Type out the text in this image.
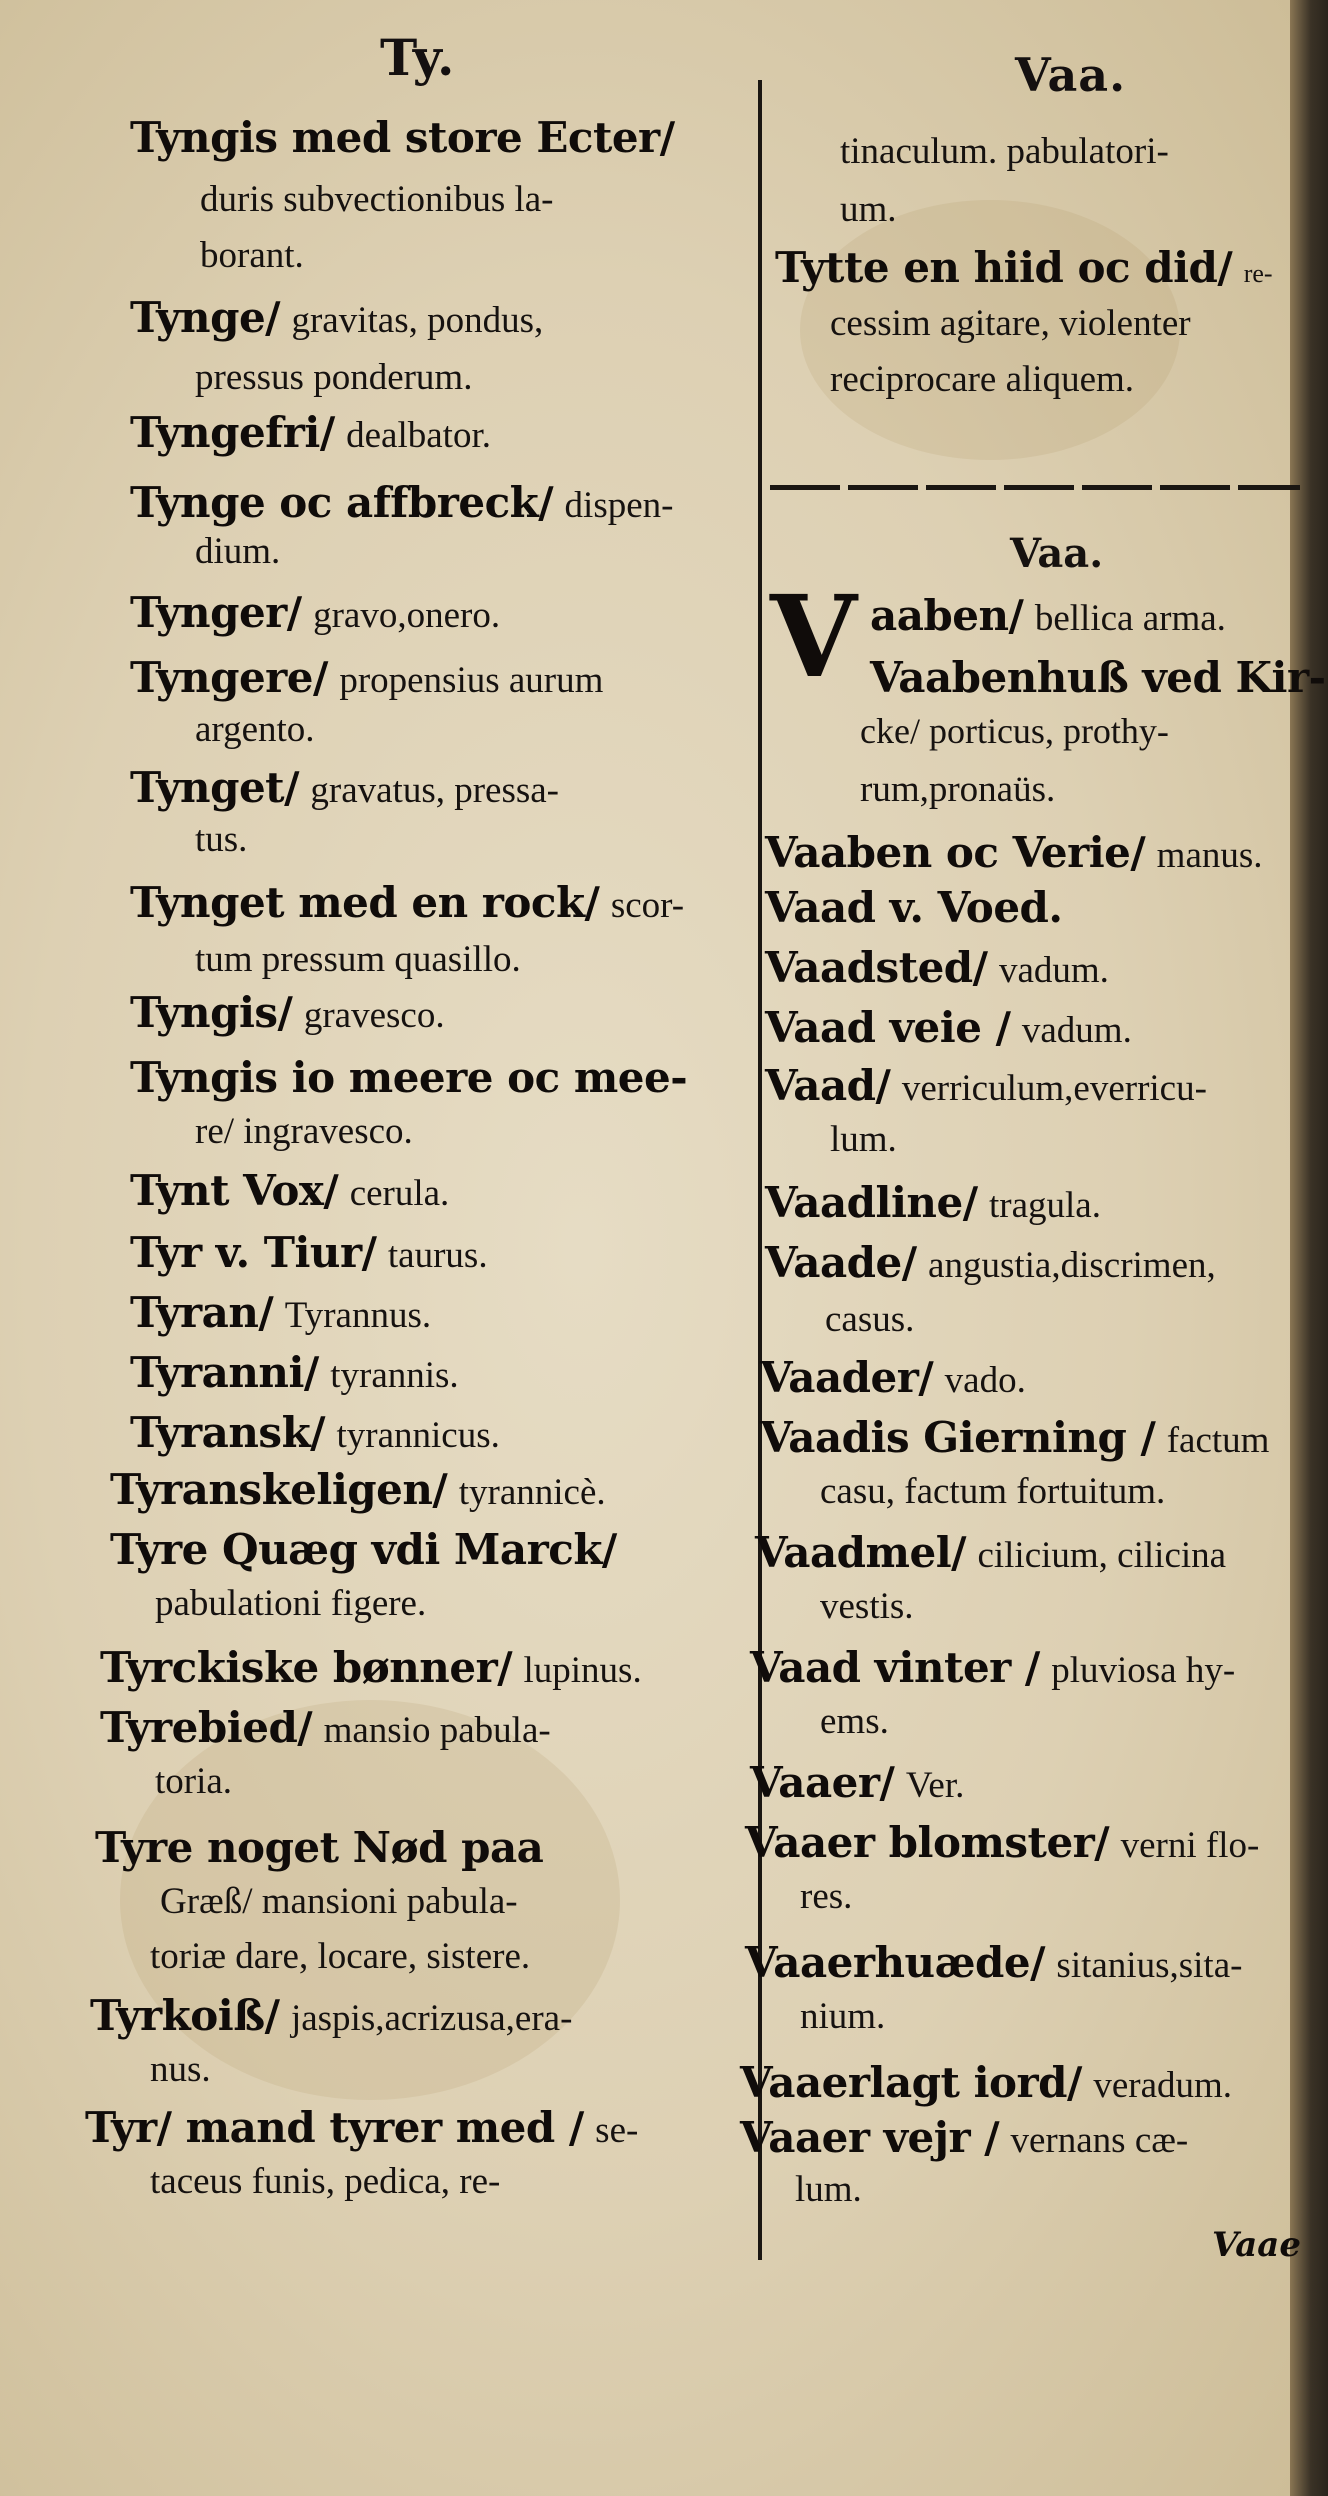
Ty.	Vaa.
Vaa.
V
Tyngis med store Ecter/
duris subvectionibus la-
borant.
Tynge/ gravitas, pondus,
pressus ponderum.
Tyngefri/ dealbator.
Tynge oc affbreck/ dispen-
dium.
Tynger/ gravo,onero.
Tyngere/ propensius aurum
argento.
Tynget/ gravatus, pressa-
tus.
Tynget med en rock/ scor-
tum pressum quasillo.
Tyngis/ gravesco.
Tyngis io meere oc mee-
re/ ingravesco.
Tynt Vox/ cerula.
Tyr v. Tiur/ taurus.
Tyran/ Tyrannus.
Tyranni/ tyrannis.
Tyransk/ tyrannicus.
Tyranskeligen/ tyrannicè.
Tyre Quæg vdi Marck/
pabulationi figere.
Tyrckiske bønner/ lupinus.
Tyrebied/ mansio pabula-
toria.
Tyre noget Nød paa
Græß/ mansioni pabula-
toriæ dare, locare, sistere.
Tyrkoiß/ jaspis,acrizusa,era-
nus.
Tyr/ mand tyrer med / se-
taceus funis, pedica, re-
tinaculum. pabulatori-
um.
Tytte en hiid oc did/ re-
cessim agitare, violenter
reciprocare aliquem.
aaben/ bellica arma.
Vaabenhuß ved Kir-
cke/ porticus, prothy-
rum,pronaüs.
Vaaben oc Verie/ manus.
Vaad v. Voed.
Vaadsted/ vadum.
Vaad veie / vadum.
Vaad/ verriculum,everricu-
lum.
Vaadline/ tragula.
Vaade/ angustia,discrimen,
casus.
Vaader/ vado.
Vaadis Gierning / factum
casu, factum fortuitum.
Vaadmel/ cilicium, cilicina
vestis.
Vaad vinter / pluviosa hy-
ems.
Vaaer/ Ver.
Vaaer blomster/ verni flo-
res.
Vaaerhuæde/ sitanius,sita-
nium.
Vaaerlagt iord/ veradum.
Vaaer vejr / vernans cæ-
lum.
Vaae
